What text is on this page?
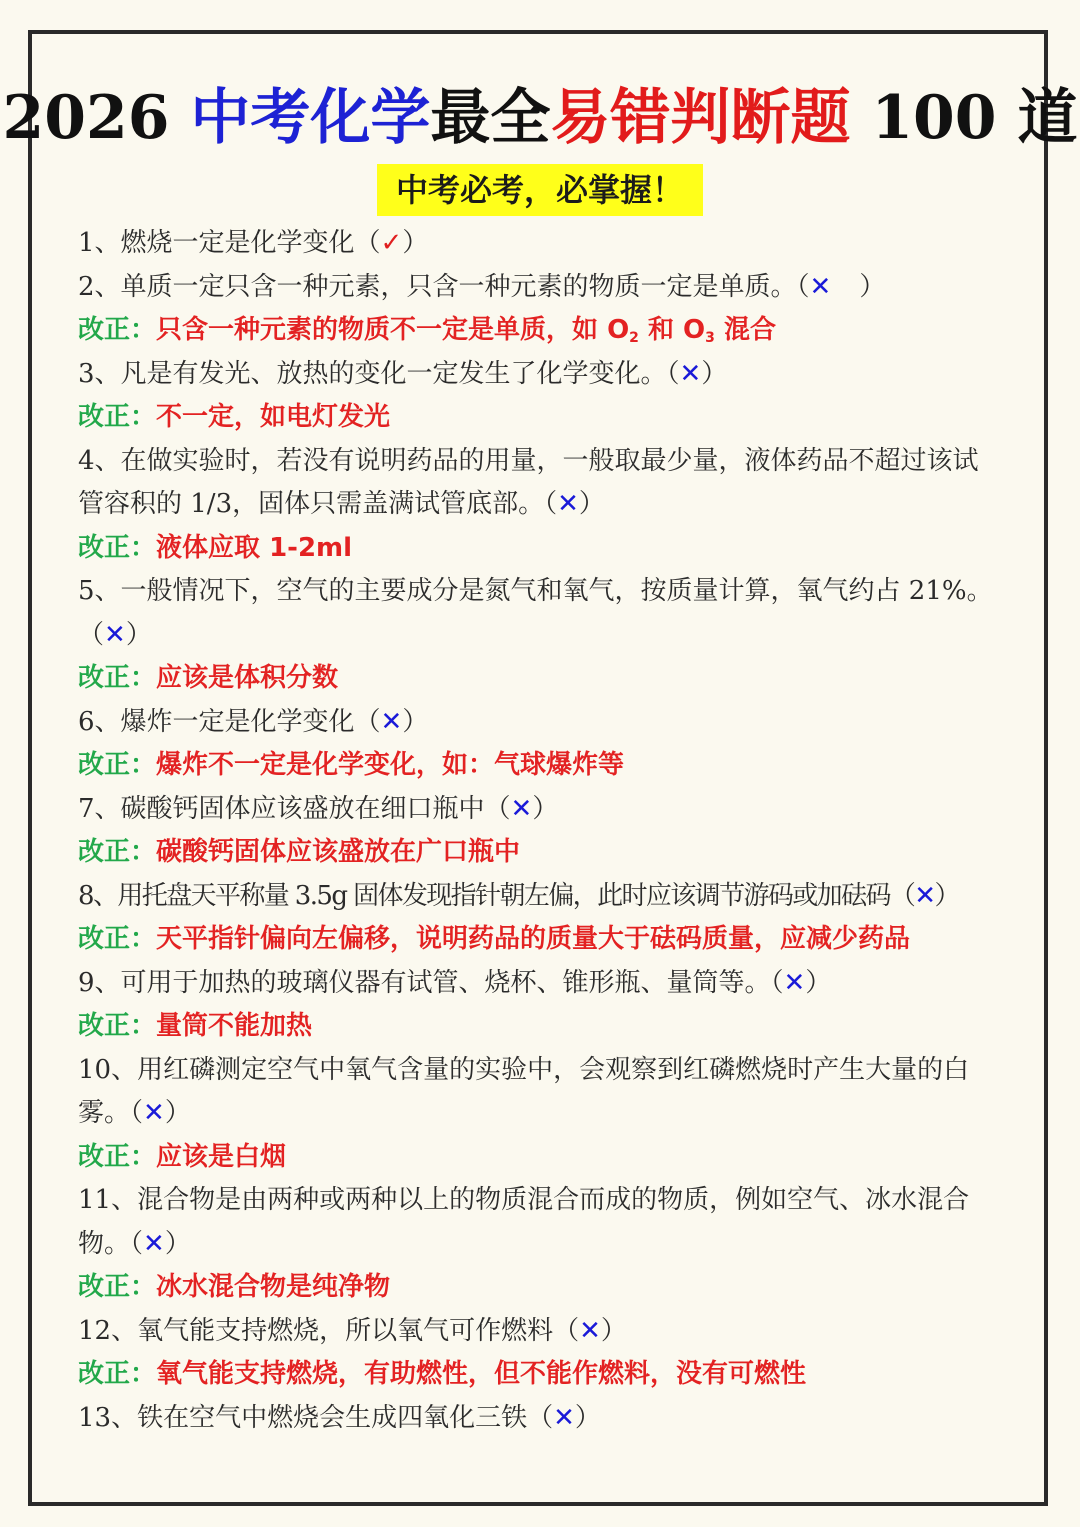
2026 中考化学最全易错判断题 100 道
中考必考，必掌握！
1、燃烧一定是化学变化（✓）
2、单质一定只含一种元素，只含一种元素的物质一定是单质。（✕ ）
改正：只含一种元素的物质不一定是单质，如 $O_2$ 和 $O_3$ 混合
3、凡是有发光、放热的变化一定发生了化学变化。（✕）
改正：不一定，如电灯发光
4、在做实验时，若没有说明药品的用量，一般取最少量，液体药品不超过该试
管容积的 1/3，固体只需盖满试管底部。（✕）
改正：液体应取 1-2ml
5、一般情况下，空气的主要成分是氮气和氧气，按质量计算，氧气约占 21%。
（✕）
改正：应该是体积分数
6、爆炸一定是化学变化（✕）
改正：爆炸不一定是化学变化，如：气球爆炸等
7、碳酸钙固体应该盛放在细口瓶中（✕）
改正：碳酸钙固体应该盛放在广口瓶中
8、用托盘天平称量 3.5g 固体发现指针朝左偏，此时应该调节游码或加砝码（✕）
改正：天平指针偏向左偏移，说明药品的质量大于砝码质量，应减少药品
9、可用于加热的玻璃仪器有试管、烧杯、锥形瓶、量筒等。（✕）
改正：量筒不能加热
10、用红磷测定空气中氧气含量的实验中，会观察到红磷燃烧时产生大量的白
雾。（✕）
改正：应该是白烟
11、混合物是由两种或两种以上的物质混合而成的物质，例如空气、冰水混合
物。（✕）
改正：冰水混合物是纯净物
12、氧气能支持燃烧，所以氧气可作燃料（✕）
改正：氧气能支持燃烧，有助燃性，但不能作燃料，没有可燃性
13、铁在空气中燃烧会生成四氧化三铁（✕）
